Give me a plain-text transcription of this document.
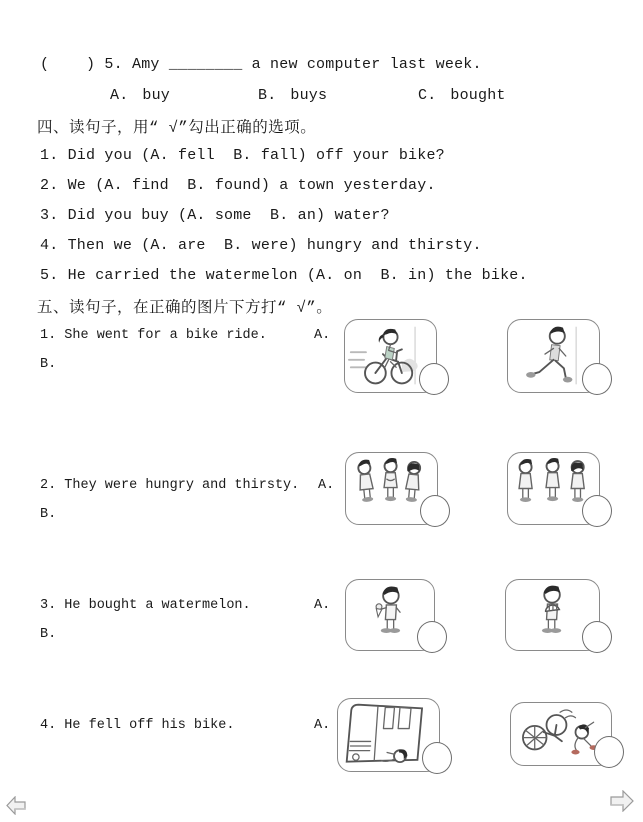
(    ) 5. Amy ________ a new computer last week.
A. buy	B. buys	C. bought
四、读句子，用“ √”勾出正确的选项。
1. Did you (A. fell  B. fall) off your bike?
2. We (A. find  B. found) a town yesterday.
3. Did you buy (A. some  B. an) water?
4. Then we (A. are  B. were) hungry and thirsty.
5. He carried the watermelon (A. on  B. in) the bike.
五、读句子，在正确的图片下方打“ √”。
1. She went for a bike ride.	A.
B.
2. They were hungry and thirsty. A.
B.
3. He bought a watermelon.	A.
B.
4. He fell off his bike.	A.
